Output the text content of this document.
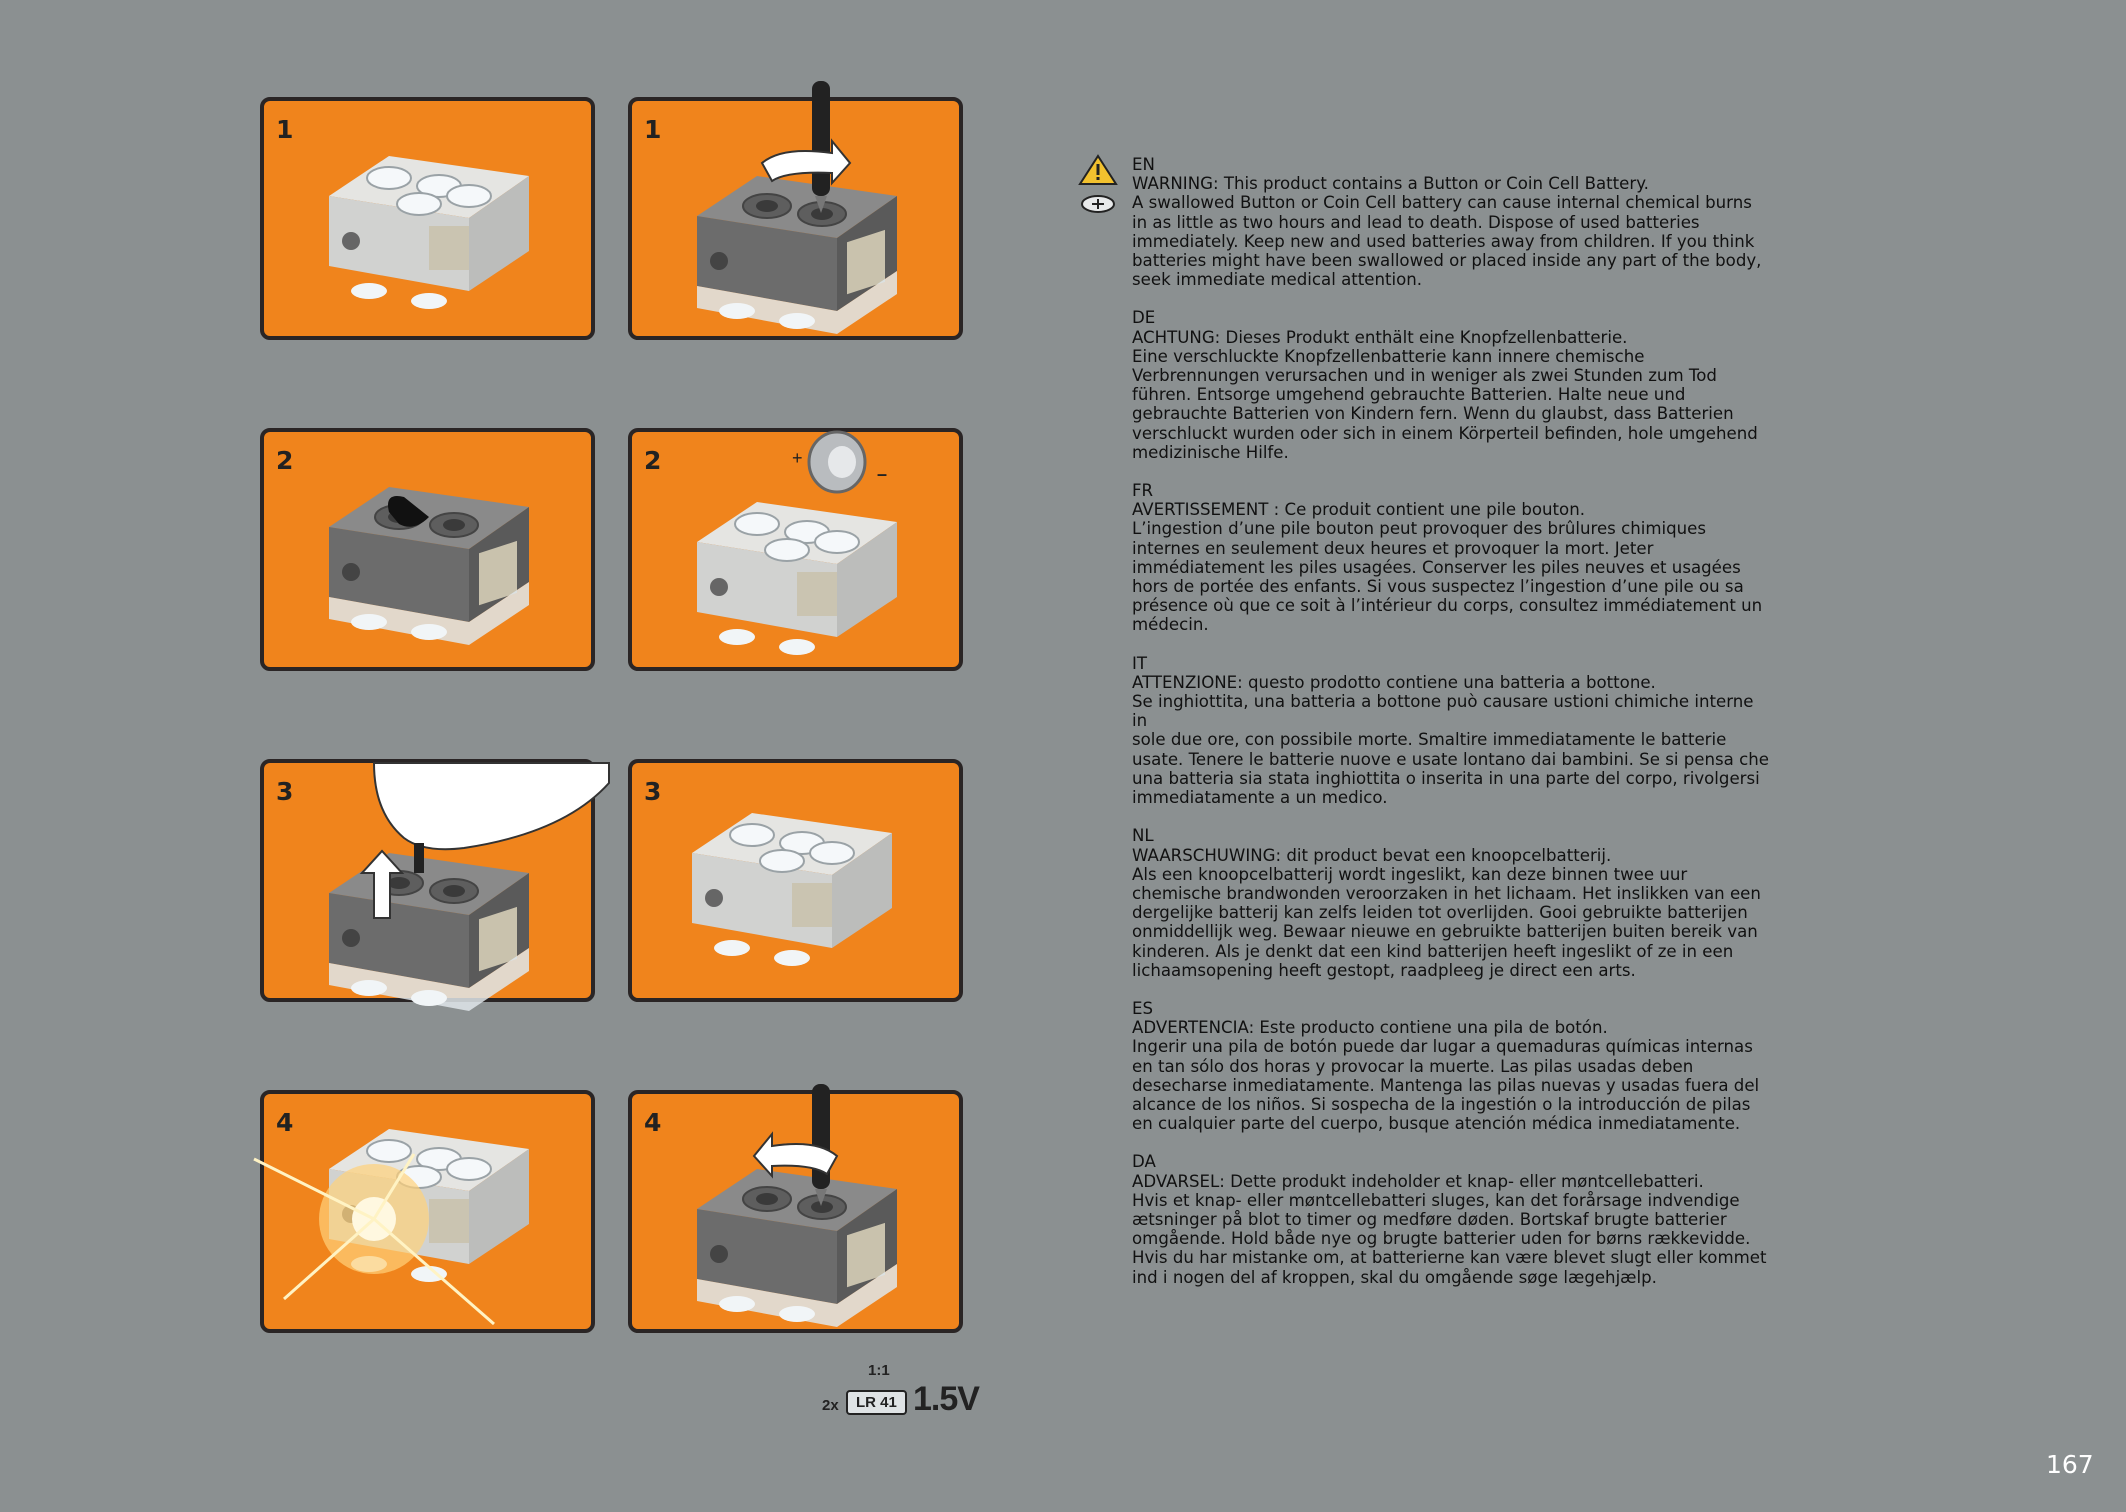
1	1
2	2	+
–
3	3
4	4
1:1
2x	LR 41 1.5V

EN

WARNING: This product contains a Button or Coin Cell Battery.
A swallowed Button or Coin Cell battery can cause internal chemical burns
in as little as two hours and lead to death. Dispose of used batteries
immediately. Keep new and used batteries away from children. If you think
batteries might have been swallowed or placed inside any part of the body,
seek immediate medical attention.

DE

ACHTUNG: Dieses Produkt enthält eine Knopfzellenbatterie.
Eine verschluckte Knopfzellenbatterie kann innere chemische
Verbrennungen verursachen und in weniger als zwei Stunden zum Tod
führen. Entsorge umgehend gebrauchte Batterien. Halte neue und
gebrauchte Batterien von Kindern fern. Wenn du glaubst, dass Batterien
verschluckt wurden oder sich in einem Körperteil befinden, hole umgehend
medizinische Hilfe.

FR

AVERTISSEMENT : Ce produit contient une pile bouton.
L’ingestion d’une pile bouton peut provoquer des brûlures chimiques
internes en seulement deux heures et provoquer la mort. Jeter
immédiatement les piles usagées. Conserver les piles neuves et usagées
hors de portée des enfants. Si vous suspectez l’ingestion d’une pile ou sa
présence où que ce soit à l’intérieur du corps, consultez immédiatement un
médecin.

IT

ATTENZIONE: questo prodotto contiene una batteria a bottone.
Se inghiottita, una batteria a bottone può causare ustioni chimiche interne in
sole due ore, con possibile morte. Smaltire immediatamente le batterie
usate. Tenere le batterie nuove e usate lontano dai bambini. Se si pensa che
una batteria sia stata inghiottita o inserita in una parte del corpo, rivolgersi
immediatamente a un medico.

NL

WAARSCHUWING: dit product bevat een knoopcelbatterij.
Als een knoopcelbatterij wordt ingeslikt, kan deze binnen twee uur
chemische brandwonden veroorzaken in het lichaam. Het inslikken van een
dergelijke batterij kan zelfs leiden tot overlijden. Gooi gebruikte batterijen
onmiddellijk weg. Bewaar nieuwe en gebruikte batterijen buiten bereik van
kinderen. Als je denkt dat een kind batterijen heeft ingeslikt of ze in een
lichaamsopening heeft gestopt, raadpleeg je direct een arts.

ES

ADVERTENCIA: Este producto contiene una pila de botón.
Ingerir una pila de botón puede dar lugar a quemaduras químicas internas
en tan sólo dos horas y provocar la muerte. Las pilas usadas deben
desecharse inmediatamente. Mantenga las pilas nuevas y usadas fuera del
alcance de los niños. Si sospecha de la ingestión o la introducción de pilas
en cualquier parte del cuerpo, busque atención médica inmediatamente.

DA

ADVARSEL: Dette produkt indeholder et knap- eller møntcellebatteri.
Hvis et knap- eller møntcellebatteri sluges, kan det forårsage indvendige
ætsninger på blot to timer og medføre døden. Bortskaf brugte batterier
omgående. Hold både nye og brugte batterier uden for børns rækkevidde.
Hvis du har mistanke om, at batterierne kan være blevet slugt eller kommet
ind i nogen del af kroppen, skal du omgående søge lægehjælp.

167
